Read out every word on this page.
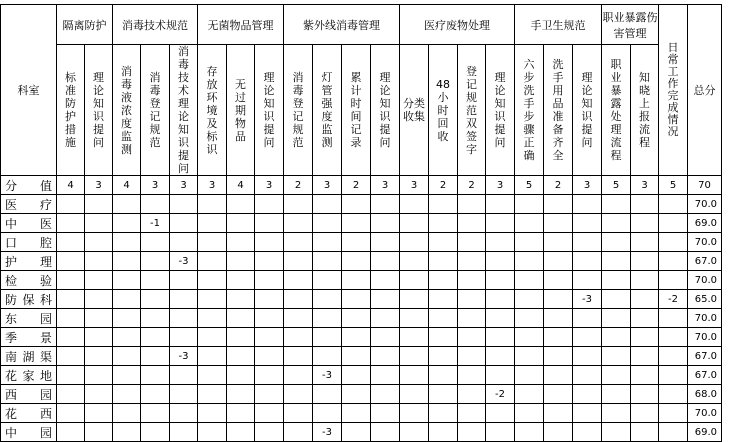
科室	隔离防护		消毒技术规范			无菌物品管理			紫外线消毒管理				医疗废物处理				手卫生规范			职业暴露伤害管理		日常工作完成情况	总分

	标准防护措施	理论知识提问	消毒液浓度监测	消毒登记规范	消毒技术理论知识提问	存放环境及标识	无过期物品	理论知识提问	消毒登记规范	灯管强度监测	累计时间记录	理论知识提问	分类收集	48小时回收	登记规范双签字	理论知识提问	六步洗手步骤正确	洗手用品准备齐全	理论知识提问	职业暴露处理流程	知晓上报流程		

分值	4	3	4	3	3	3	4	3	2	3	2	3	3	2	2	3	5	2	3	5	3	5	70
医疗																							70.0
中医				-1																			69.0
口腔																							70.0
护理					-3																		67.0
检验																							70.0
防保科																			-3			-2	65.0
东园																							70.0
季景																							70.0
南湖渠					-3																		67.0
花家地										-3													67.0
西园																-2							68.0
花西																							70.0
中园										-3													69.0
